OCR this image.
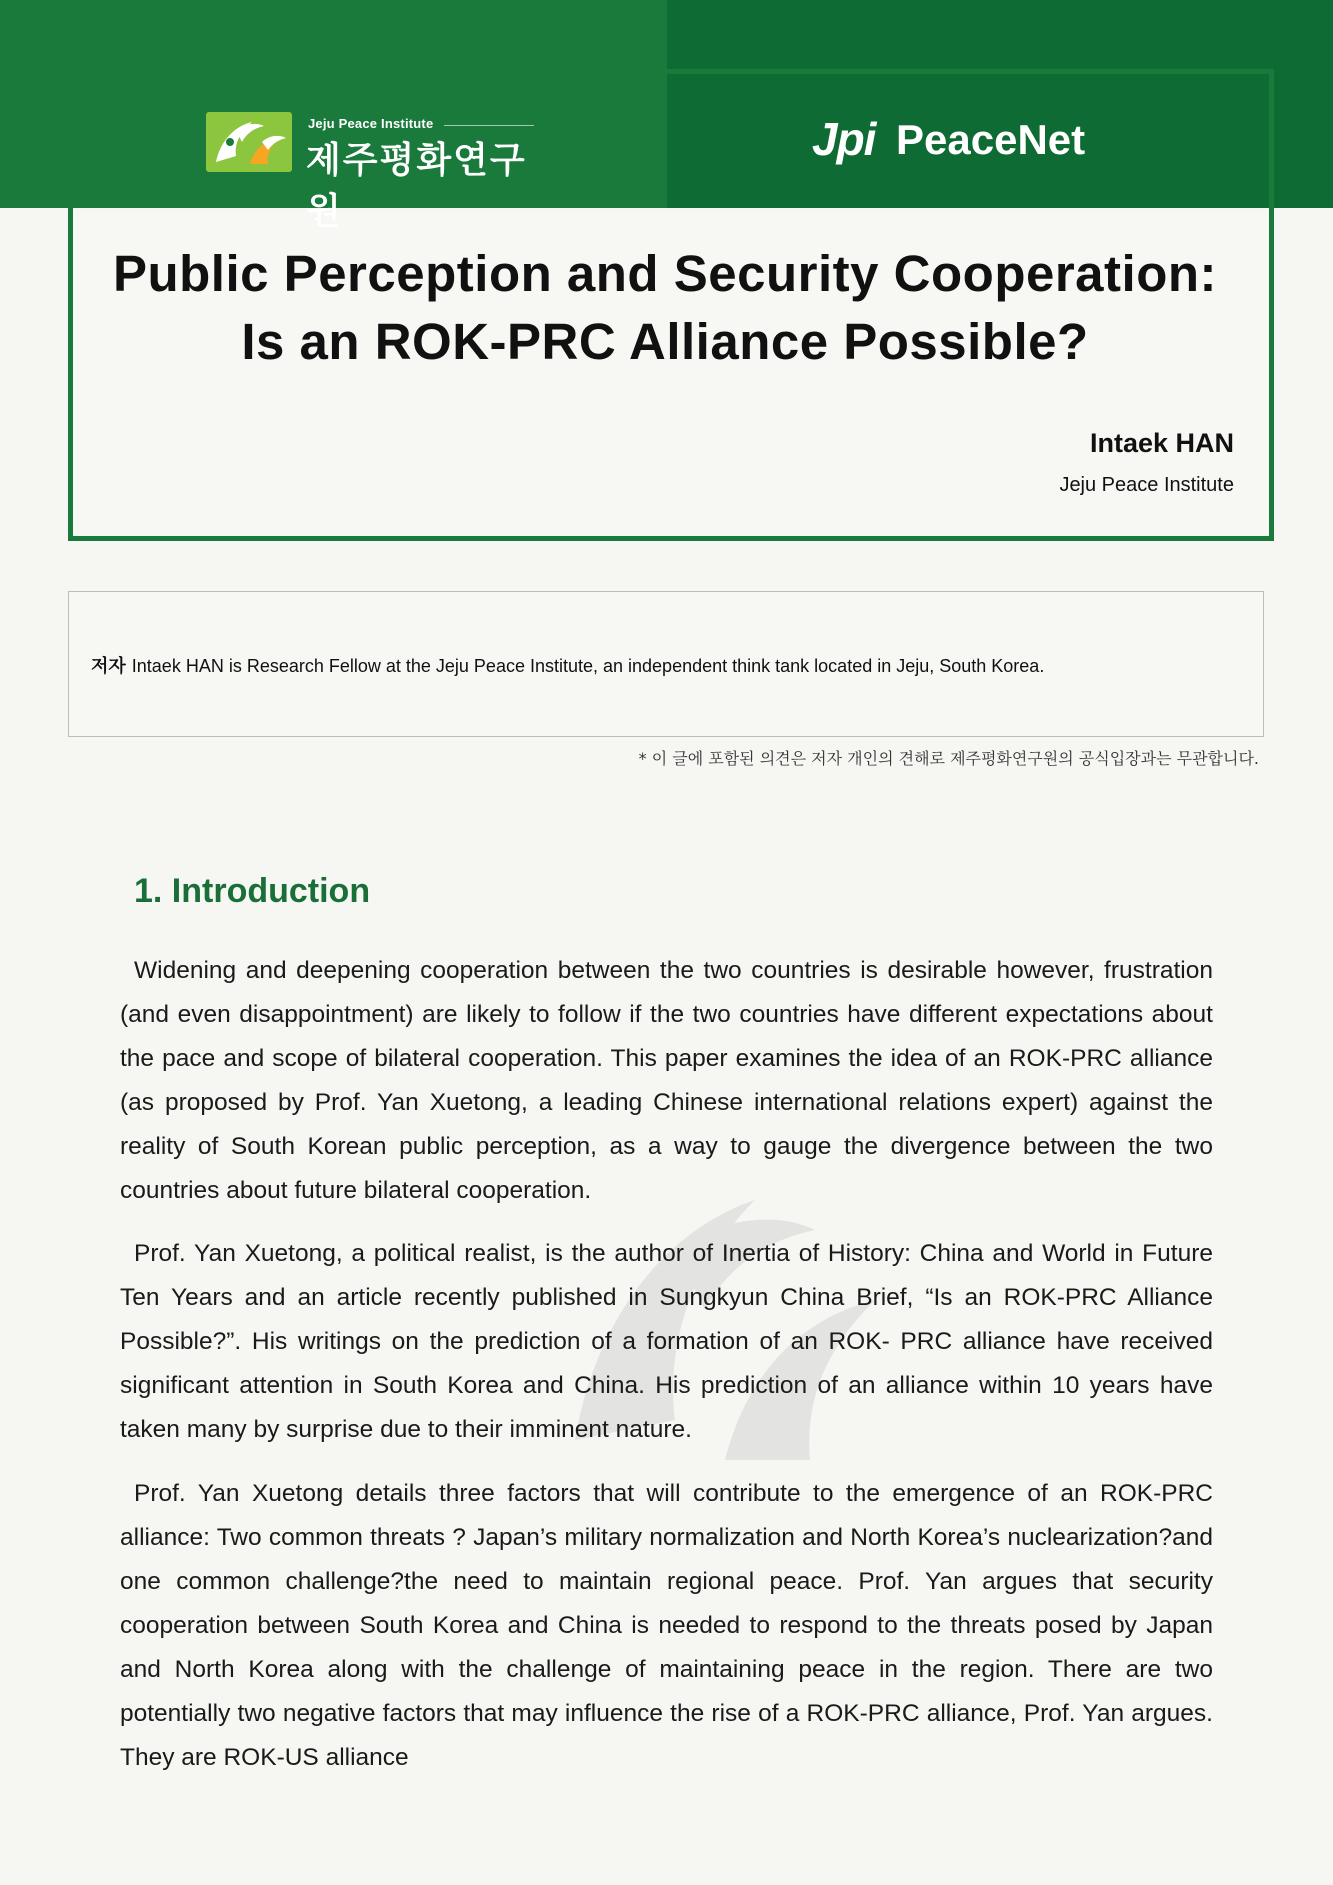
Jeju Peace Institute
제주평화연구원
Jpi PeaceNet
Public Perception and Security Cooperation:
Is an ROK-PRC Alliance Possible?
Intaek HAN
Jeju Peace Institute
저자 Intaek HAN is Research Fellow at the Jeju Peace Institute, an independent think tank located in Jeju, South Korea.
* 이 글에 포함된 의견은 저자 개인의 견해로 제주평화연구원의 공식입장과는 무관합니다.
1. Introduction
Widening and deepening cooperation between the two countries is desirable however, frustration (and even disappointment) are likely to follow if the two countries have different expectations about the pace and scope of bilateral cooperation. This paper examines the idea of an ROK-PRC alliance (as proposed by Prof. Yan Xuetong, a leading Chinese international relations expert) against the reality of South Korean public perception, as a way to gauge the divergence between the two countries about future bilateral cooperation.
Prof. Yan Xuetong, a political realist, is the author of Inertia of History: China and World in Future Ten Years and an article recently published in Sungkyun China Brief, “Is an ROK-PRC Alliance Possible?”. His writings on the prediction of a formation of an ROK- PRC alliance have received significant attention in South Korea and China. His prediction of an alliance within 10 years have taken many by surprise due to their imminent nature.
Prof. Yan Xuetong details three factors that will contribute to the emergence of an ROK-PRC alliance: Two common threats ? Japan’s military normalization and North Korea’s nuclearization?and one common challenge?the need to maintain regional peace. Prof. Yan argues that security cooperation between South Korea and China is needed to respond to the threats posed by Japan and North Korea along with the challenge of maintaining peace in the region. There are two potentially two negative factors that may influence the rise of a ROK-PRC alliance, Prof. Yan argues. They are ROK-US alliance
